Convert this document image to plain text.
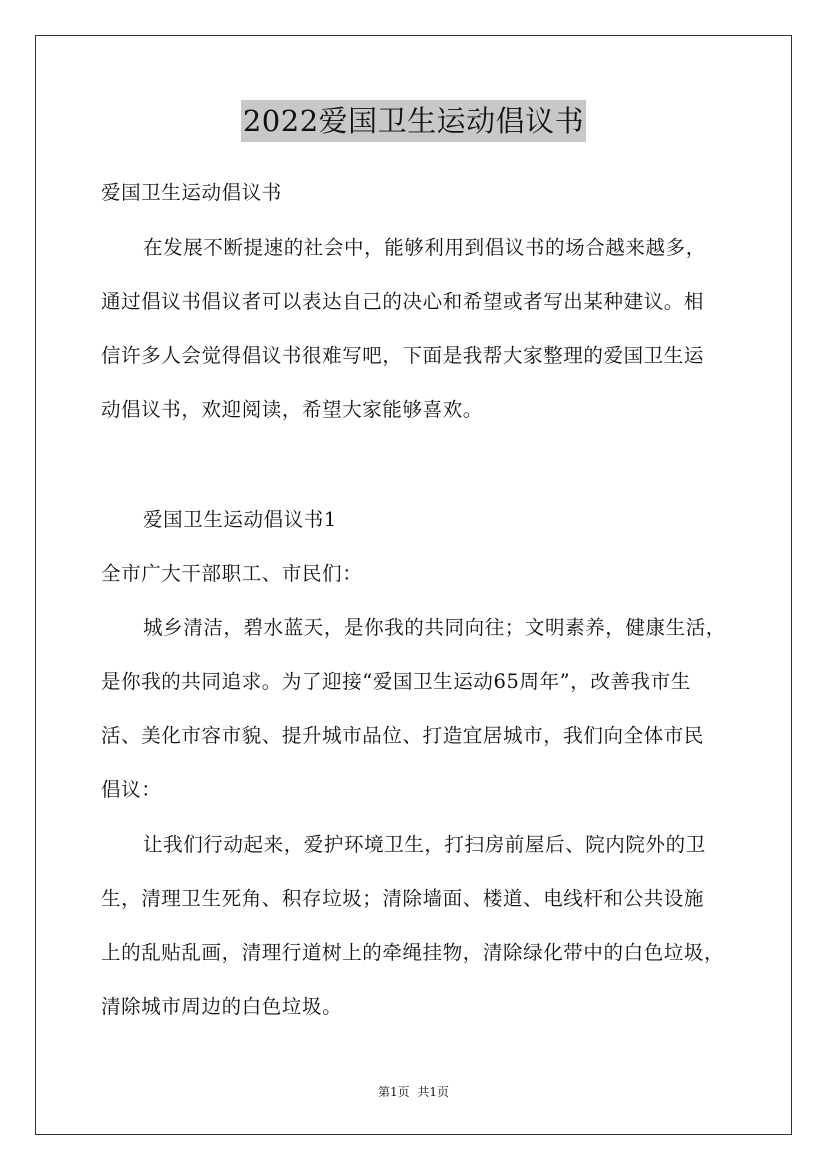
2022爱国卫生运动倡议书
爱国卫生运动倡议书
在发展不断提速的社会中，能够利用到倡议书的场合越来越多，
通过倡议书倡议者可以表达自己的决心和希望或者写出某种建议。相
信许多人会觉得倡议书很难写吧，下面是我帮大家整理的爱国卫生运
动倡议书，欢迎阅读，希望大家能够喜欢。
爱国卫生运动倡议书1
全市广大干部职工、市民们：
城乡清洁，碧水蓝天，是你我的共同向往；文明素养，健康生活，
是你我的共同追求。为了迎接“爱国卫生运动65周年”，改善我市生
活、美化市容市貌、提升城市品位、打造宜居城市，我们向全体市民
倡议：
让我们行动起来，爱护环境卫生，打扫房前屋后、院内院外的卫
生，清理卫生死角、积存垃圾；清除墙面、楼道、电线杆和公共设施
上的乱贴乱画，清理行道树上的牵绳挂物，清除绿化带中的白色垃圾，
清除城市周边的白色垃圾。
第1页 共1页
